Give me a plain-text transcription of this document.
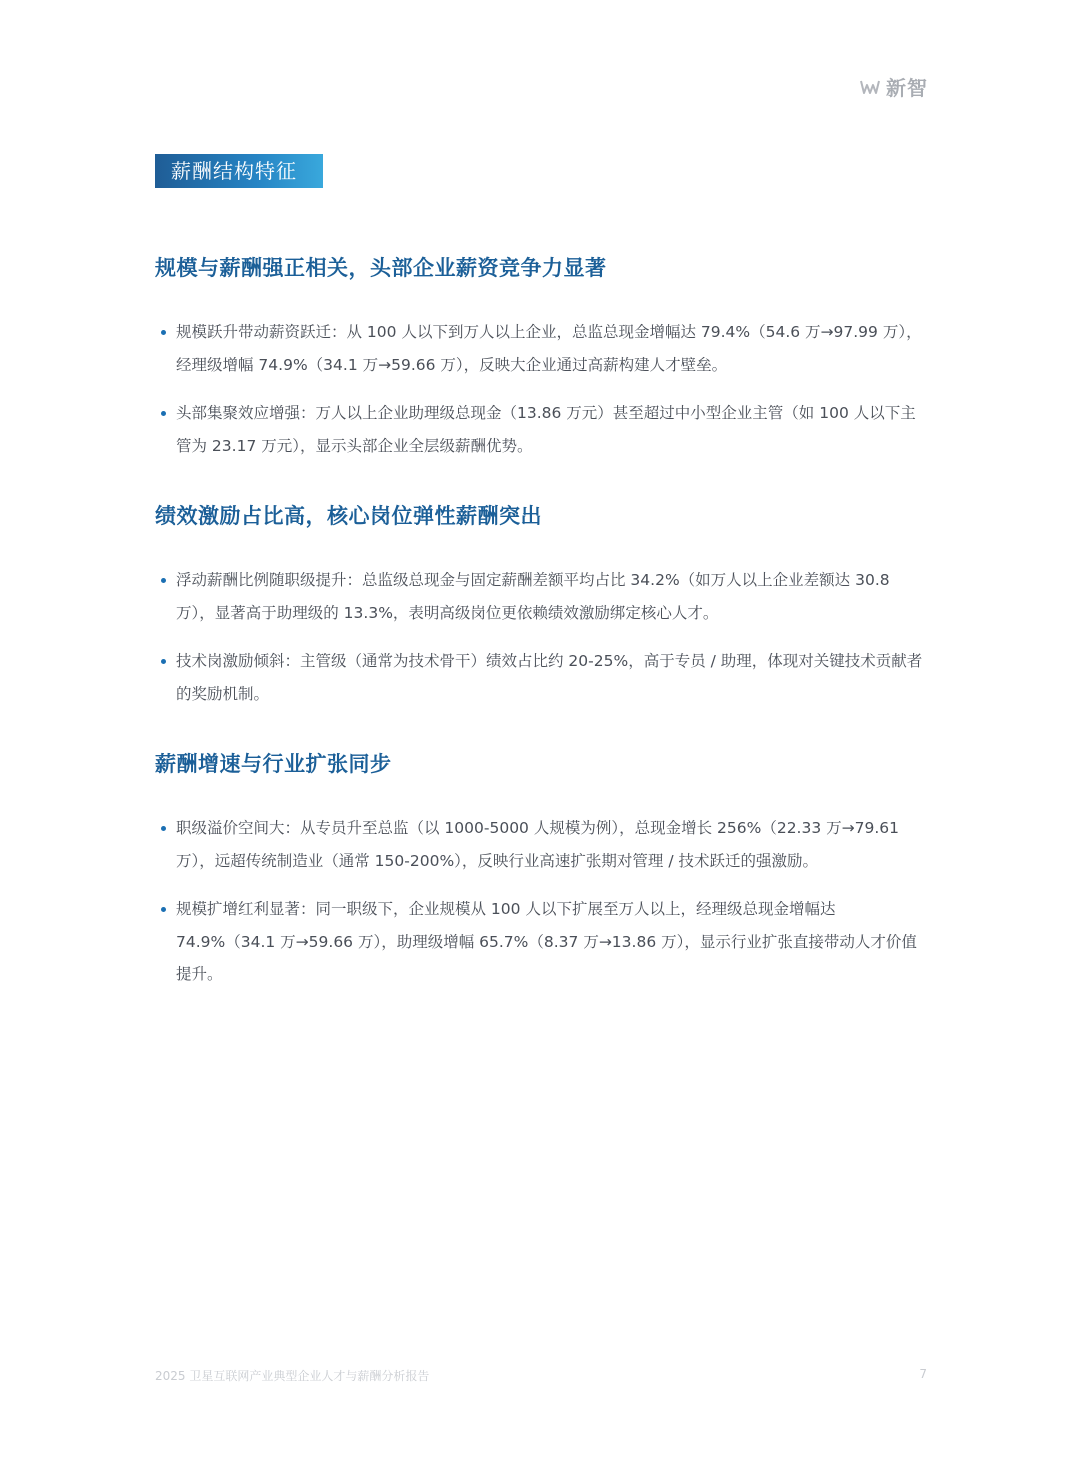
新智
薪酬结构特征
规模与薪酬强正相关，头部企业薪资竞争力显著
规模跃升带动薪资跃迁：从 100 人以下到万人以上企业，总监总现金增幅达 79.4%（54.6 万→97.99 万），经理级增幅 74.9%（34.1 万→59.66 万），反映大企业通过高薪构建人才壁垒。
头部集聚效应增强：万人以上企业助理级总现金（13.86 万元）甚至超过中小型企业主管（如 100 人以下主管为 23.17 万元），显示头部企业全层级薪酬优势。
绩效激励占比高，核心岗位弹性薪酬突出
浮动薪酬比例随职级提升：总监级总现金与固定薪酬差额平均占比 34.2%（如万人以上企业差额达 30.8 万），显著高于助理级的 13.3%，表明高级岗位更依赖绩效激励绑定核心人才。
技术岗激励倾斜：主管级（通常为技术骨干）绩效占比约 20-25%，高于专员 / 助理，体现对关键技术贡献者的奖励机制。
薪酬增速与行业扩张同步
职级溢价空间大：从专员升至总监（以 1000-5000 人规模为例），总现金增长 256%（22.33 万→79.61 万），远超传统制造业（通常 150-200%），反映行业高速扩张期对管理 / 技术跃迁的强激励。
规模扩增红利显著：同一职级下，企业规模从 100 人以下扩展至万人以上，经理级总现金增幅达 74.9%（34.1 万→59.66 万），助理级增幅 65.7%（8.37 万→13.86 万），显示行业扩张直接带动人才价值提升。
2025 卫星互联网产业典型企业人才与薪酬分析报告	7
